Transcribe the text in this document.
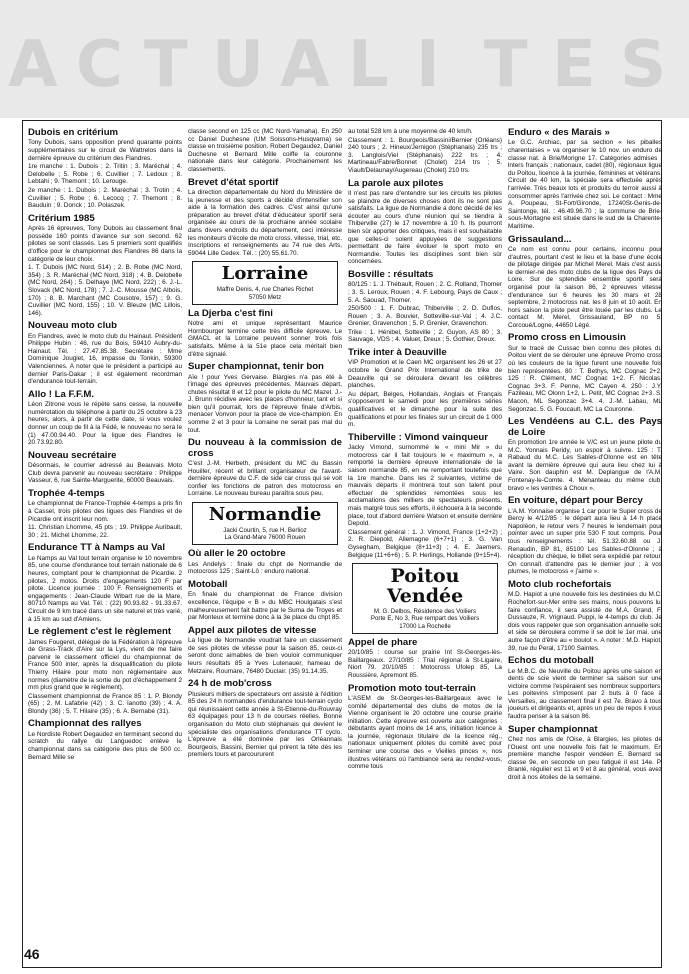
A C T U A L I T E S
Dubois en critérium

Tony Dubois, sans opposition prend quarante points supplémentaires sur le circuit de Wattrelos dans la dernière épreuve du critérium des Flandres.

1re manche : 1. Dubois ; 2. Tritin ; 3. Maréchal ; 4. Delobelle ; 5. Robe ; 6. Cuvillier ; 7. Ledoux ; 8. Lebtahi ; 9. Themont ; 10. Lerouge.

2e manche : 1. Dubois ; 2. Maréchal ; 3. Trotin ; 4. Cuvillier ; 5. Robe ; 6. Lecocq ; 7. Themont ; 8. Bauduin ; 9. Donck ; 10. Polaszek.

Critérium 1985

Après 16 épreuves, Tony Dubois au classement final possède 160 points d'avance sur son second. 62 pilotes se sont classés. Les 5 premiers sont qualifiés d'office pour le championnat des Flandres 86 dans la catégorie de leur choix.

1. T. Dubois (MC Nord, 514) ; 2. B. Robe (MC Nord, 354) ; 3. R. Maréchal (MC Nord, 318) ; 4. B. Delobelle (MC Nord, 264) ; 5. Delhaye (MC Nord, 222) ; 6. J.-L. Slovack (MC Nord, 178) ; 7. J.-C. Mousse (MC Albois, 170) ; 8. B. Marchant (MC Cousotre, 157) ; 9. G. Cuvillier (MC Nord, 155) ; 10. V. Bleuze (MC Lillois, 146).

Nouveau moto club

En Flandres, avec le moto club du Hainaut. Président Philippe Hubin : 46, rue du Bois, 59410 Aubry-du-Hainaut. Tél. : 27.47.85.38. Secrétaire : Mme Dominique Jouglet, 16, impasse du Tonkin, 59300 Valenciennes. A noter que le président a participé au dernier Paris-Dakar ; il est également recordman d'endurance tout-terrain.

Allo ! La F.F.M.

Léon Zitrone vous le répète sans cesse, la nouvelle numérotation du téléphone à partir du 25 octobre à 23 heures, alors, à partir de cette date, si vous voulez donner un coup de fil à la Fédé, le nouveau no sera le (1) 47.00.94.40. Pour la ligue des Flandres le 20.73.92.80.

Nouveau secrétaire

Désormais, le courrier adressé au Beauvais Moto Club devra parvenir au nouveau secrétaire : Philippe Vasseur, 6, rue Sainte-Marguerite, 60000 Beauvais.

Trophée 4-temps

Le championnat de France-Trophée 4-temps a pris fin à Cassel, trois pilotes des ligues des Flandres et de Picardie ont inscrit leur nom.

11. Christian Lhomme, 45 pts ; 19. Philippe Auribault, 30 ; 21. Michel Lhomme, 22.

Endurance TT à Namps au Val

Le Namps au Val tout terrain organise le 10 novembre 85, une course d'endurance tout terrain nationale de 6 heures, comptant pour le championnat de Picardie. 2 pilotes, 2 motos. Droits d'engagements 120 F par pilote. Licence journée : 100 F. Renseignements et engagements : Jean-Claude Wibart rue de la Mare, 80710 Namps au Val. Tél. : (22) 90.93.82 - 91.33.67. Circuit de 9 km tracé dans un site naturel et très varié, à 15 km au sud d'Amiens.

Le règlement c'est le règlement

James Fougeret, délégué de la Fédération à l'épreuve de Grass-Track d'Aire sur la Lys, vient de me faire parvenir le classement officiel du championnat de France 500 inter, après la disqualification du pilote Thierry Hilaire pour moto non réglementaire aux normes (diamètre de la sortie du pot d'échappement 2 mm plus grand que le règlement).

Classement championnat de France 85 : 1. P. Blondy (65) ; 2. M. Lafabrie (42) ; 3. C. Ianotto (39) ; 4. A. Blondy (36) ; 5. T. Hilaire (35) ; 6. A. Bernabé (31).

Championnat des rallyes

Le Nordiste Robert Degaudez en terminant second du scratch du rallye du Languedoc enlève le championnat dans sa catégorie des plus de 500 cc. Bernard Mille se

classe second en 125 cc (MC Nord-Yamaha). En 250 cc Daniel Duchesne (UM Soissons-Husqvarna) se classe en troisième position. Robert Degaudez, Daniel Duchesne et Bernard Mille coiffe la couronne nationale dans leur catégorie. Prochainement les classements.

Brevet d'état sportif

La direction départementale du Nord du Ministère de la jeunesse et des sports a décidé d'intensifier son aide à la formation des cadres. C'est ainsi qu'une préparation au brevet d'état d'éducateur sportif sera organisée au cours de la prochaine année scolaire dans divers endroits du département, ceci intéresse les moniteurs d'école de moto cross, vitesse, trial, etc. Inscriptions et renseignements au 74 rue des Arts, 59044 Lille Cedex. Tél. : (20) 55.61.70.

Lorraine
Maffre Denis, 4, rue Charles Richet
57050 Metz
La Djerba c'est fini

Notre ami et unique représentant Maurice Hornbourger termine cette très difficile épreuve. Le GMACL et la Lorraine peuvent sonner trois fois satisfaits. Même à la 51e place cela méritait bien d'être signalé.

Super championnat, tenir bon

Aïe ! pour Yves Gervaise. Blargies n'a pas été à l'image des épreuves précédentes. Mauvais départ, chutes résultat 8 et 12 pour le pilote du MC Mazel. J.-J. Brunn récidive avec les places d'honneur, tant et si bien qu'il pourrait, lors de l'épreuve finale d'Arbis, menacer Vonvon pour la place de vice-champion. En somme 2 et 3 pour la Lorraine ne serait pas mal du tout.

Du nouveau à la commission de cross

C'est J.-M. Herbeth, président du MC du Bassin Houiller, récent et brillant organisateur de l'avant-dernière épreuve du C.F. de side car cross qui se voit confier les fonctions de patron des motocross en Lorraine. Le nouveau bureau paraîtra sous peu.

Normandie
Jacki Courtin, 5, rue H. Berlioz
La Grand-Mare 76000 Rouen
Où aller le 20 octobre

Les Andelys : finale du chpt de Normandie de motocross 125 ; Saint-Lô : enduro national.

Motoball

En finale du championnat de France division excellence, l'équipe « B » du MBC Houlgatais s'est malheureusement fait battre par le Suma de Troyes et par Monteux et termine donc à la 3e place du chpt 85.

Appel aux pilotes de vitesse

La ligue de Normandie voudrait faire un classement de ses pilotes de vitesse pour la saison 85, ceux-ci seront donc aimables de bien vouloir communiquer leurs résultats 85 à Yves Lutenauer, hameau de Metzaire, Roumare, 76480 Duclair. (35) 91.14.35.

24 h de mob'cross

Plusieurs milliers de spectateurs ont assisté à l'édition 85 des 24 h normandes d'endurance tout-terrain cyclo qui réunissaient cette année à St-Etienne-du-Rouvray 63 équipages pour 13 h de courses réelles. Bonne organisation du Moto club stéphanais qui devient le spécialiste des organisations d'endurance TT cyclo. L'épreuve a été dominée par les Orléannais Bourgeois, Bassini, Bernier qui prirent la tête dès les premiers tours et parcoururent

au total 528 km à une moyenne de 40 km/h.

Classement : 1. Bourgeois/Bassini/Bernier (Orléans) 240 tours ; 2. Hineux/Jernigon (Stéphanais) 235 trs ; 3. Langlois/Viel (Stéphanais) 222 trs ; 4. Martineau/Fabre/Bonnet (Cholet) 214 trs ; 5. Viault/Delaunay/Augereau (Cholet) 210 trs.

La parole aux pilotes

Il n'est pas rare d'entendre sur les circuits les pilotes se plaindre de diverses choses dont ils ne sont pas satisfaits. La ligue de Normandie a donc décidé de les écouter au cours d'une réunion qui se tiendra à Thiberville (27) le 17 novembre à 10 h. Ils pourront bien sûr apporter des critiques, mais il est souhaitable que celles-ci soient appuyées de suggestions permettant de faire évoluer le sport moto en Normandie. Toutes les disciplines sont bien sûr concernées.

Bosville : résultats

80/125 : 1. J. Thébault, Rouen ; 2. C. Rolland, Thomer ; 3. S. Leroux, Rouen ; 4. F. Lebourg, Pays de Caux ; 5. A. Saouad, Thomer.

250/500 : 1. F. Dubrac, Thiberville ; 2. D. Duflos, Rouen ; 3. A. Bouvier, Sotteville-sur-Val ; 4. J.C. Grenier, Gravenchon ; 5. P. Grenier, Gravenchon.

Trike : 1. Hénibel, Sotteville ; 2. Guyon, AS 80 ; 3. Sauvage, VDS ; 4. Valuet, Dreux ; 5. Gothier, Dreux.

Trike inter à Deauville

VIP Promotion et le Caen MC organisent les 26 et 27 octobre le Grand Prix International de trike de Deauville qui se déroulera devant les célèbres planches.

Au départ, Belges, Hollandais, Anglais et Français s'opposeront le samedi pour les premières séries qualificatives et le dimanche pour la suite des qualifications et pour les finales sur un circuit de 1 000 m.

Thiberville : Vimond vainqueur

Jacky Vimond, surnommé le « mini Mir » du motocross car il fait toujours le « maximum », a remporté la dernière épreuve internationale de la saison normande 85, en ne remportant toutefois que la 1re manche. Dans les 2 suivantes, victime de mauvais départs il montrera tout son talent pour effectuer de splendides remontées sous les acclamations des milliers de spectateurs présents, mais malgré tous ses efforts, il échouera à la seconde place, tout d'abord derrière Watson et ensuite derrière Depold.

Classement général : 1. J. Vimond, France (1+2+2) ; 2. R. Diepold, Allemagne (6+7+1) ; 3. G. Van Gysegham, Belgique (8+11+3) ; 4. E. Jaemers, Belgique (11+6+6) ; 5. P. Herlings, Hollande (9+15+4).

Poitou
Vendée
M. G. Delbos, Résidence des Voiliers
Porte E, No 3, Rue rempart des Voiliers
17000 La Rochelle
Appel de phare

20/10/85 : course sur prairie Int St-Georges-lès-Baillargeaux. 27/10/85 : Trial régional à St-Ligaire, Niort 79. 20/10/85 : Motocross Ufolep 85, La Roussière, Apremont 85.

Promotion moto tout-terrain

L'ASEM de St-Georges-les-Baillargeaux avec le comité départemental des clubs de motos de la Vienne organisent le 20 octobre une course prairie initiation. Cette épreuve est ouverte aux catégories : débutants ayant moins de 14 ans, initiation licence à la journée, régionaux titulaire de la licence rég., nationaux uniquement pilotes du comité avec pour terminer une course des « Vieilles pinces », nos illustres vétérans où l'ambiance sera au rendez-vous, comme tous

Enduro « des Marais »

Le G.C. Archiac, par sa section « les piballes charentaises » va organiser le 10 nov. un enduro de classe nat. à Brie/Morigne 17. Catégories admises : lnters français ; nationaux, cadet (80), régionaux ligue du Poitou, licence à la journée, féminines et vétérans. Circuit de 40 km, la spéciale sera effectuée après l'arrivée. Très beaux lots et produits du terroir aussi à consommer après l'arrivée chez soi. Le contact : Mme A. Poupeau, St-Fort/Gironde, 17240St-Genis-de-Saintonge, tél. : 46.49.96.70 ; la commune de Brie-sous-Mortagne est située dans le sud de la Charente-Maritime.

Grissauland...

Ce nom est connu pour certains, inconnu pour d'autres, pourtant c'est le lieu et la base d'une école de pilotage dirigée par Michel Merel. Mais c'est aussi le dernier-né des moto clubs de la ligue des Pays de Loire. Sur de splendide ensemble sportif sera organisé pour la saison 86, 2 épreuves vitesse d'endurance sur 6 heures les 30 mars et 28 septembre, 2 motocross nat. les 8 juin et 10 août. En hors saison la piste peut être louée par les clubs. Le contact M. Merel, Grissauland, BP no 5, Corcoué/Logne, 44650 Légé.

Promo cross en Limousin

Sur le tracé de Cussac bien connu des pilotes du Poitou vient de se dérouler une épreuve Promo cross où les couleurs de la ligue furent une nouvelle fois bien représentées. 80 : T. Bethys, MC Cognac 2+2, 125 : R. Clément, MC Cognac 1+2. F. Nicolas, Cognac 3+3. F. Penne, MC Cayen 4. 250 : J.Y. Fazileau, MC Olonn 1+2, L. Petit, MC Cognac 2+3. S. Macon, ML Segonzac 3+4. 4. J.-M. Labau, ML Segonzac. 5. G. Foucault, MC La Couronne.

Les Vendéens au C.L. des Pays de Loire

En promotion 1re année le V/C est un jeune pilote du M.C. Yonnais Peridy, un espoir à suivre. 125 : T. Rabaud du M.C. Les Sables-d'Olonne est en tête avant la dernière épreuve qui aura lieu chez lui à Vaire. Son dauphin est M. Deplangue de l'A.M. Fontenay-le-Comte. 4. Menanteau du même club, bravo « les ventres à Choux ».

En voiture, départ pour Bercy

L'A.M. Yonnaise organise 1 car pour le Super cross de Bercy le 4/12/85 : le départ aura lieu à 14 h place Napoléon, le retour vers 7 heures le lendemain pour pointer avec un super prix 530 F tout compris. Pour tous renseignements : tél. 51.32.60.88 ou J. Renaudin, BP 81, 85100 Les Sables-d'Olonne ; à réception du chèque, le billet sera expédié par retour. On connaît d'attendre pas le dernier jour ; à vos plumes, le motocross « j'aime ».

Moto club rochefortais

M.D. Hapiot a une nouvelle fois les destinées du M.C. Rochefort-sur-Mer entre ses mains, nous pouvons lui faire confiance, il sera assisté de M.A. Grand, F. Dussauze, R. Vrignaud. Puppi, le 4-temps du club. Je dois vous rappeler que son organisation annuelle solo et side se déroulera comme il se doit le 1er mai. une autre façon d'être au « boulot ». A noter : M.D. Hapiot, 39, rue du Peral, 17100 Saintes.

Echos du motoball

Le M.B.C. de Neuville du Poitou après une saison en dents de scie vient de terminer sa saison sur une victoire comme l'espéraient ses nombreux supporters. Les poitevins s'imposent par 2 buts à 0 face à Versailles, au classement final il est 7e. Bravo à tous joueurs et dirigeants et, après un peu de repos il vous faudra penser à la saison 86.

Super championnat

Chez nos amis de l'Oise, à Blargies, les pilotes de l'Ouest ont une nouvelle fois fait le maximum. En première manche l'espoir vendéen E. Bernard se classe 9e, en seconde un peu fatigué il est 14e. P. Branlé, régulier est 11 et 9 et 8 au général, vous avez droit à nos étoiles de la semaine.

46
